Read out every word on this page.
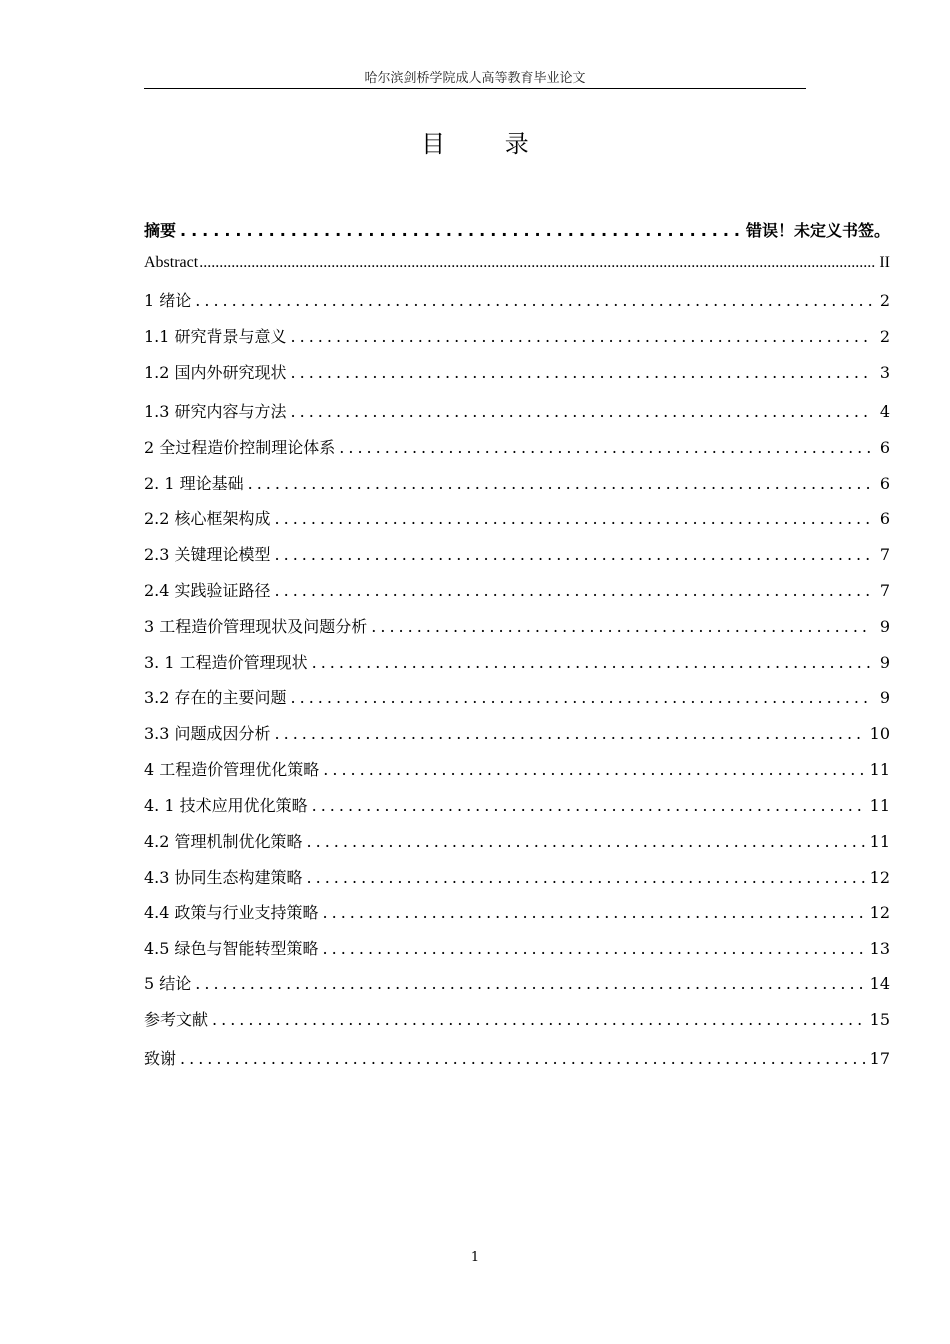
哈尔滨剑桥学院成人高等教育毕业论文
目 录
摘要 .....	错误！未定义书签。
Abstract .....	II
1 绪论 .....	2
1.1 研究背景与意义 .....	2
1.2 国内外研究现状 .....	3
1.3 研究内容与方法 .....	4
2 全过程造价控制理论体系 .....	6
2. 1 理论基础 .....	6
2.2 核心框架构成 .....	6
2.3 关键理论模型 .....	7
2.4 实践验证路径 .....	7
3 工程造价管理现状及问题分析 .....	9
3. 1 工程造价管理现状 .....	9
3.2 存在的主要问题 .....	9
3.3 问题成因分析 .....	10
4 工程造价管理优化策略 .....	11
4. 1 技术应用优化策略 .....	11
4.2 管理机制优化策略 .....	11
4.3 协同生态构建策略 .....	12
4.4 政策与行业支持策略 .....	12
4.5 绿色与智能转型策略 .....	13
5 结论 .....	14
参考文献 .....	15
致谢 .....	17
1
